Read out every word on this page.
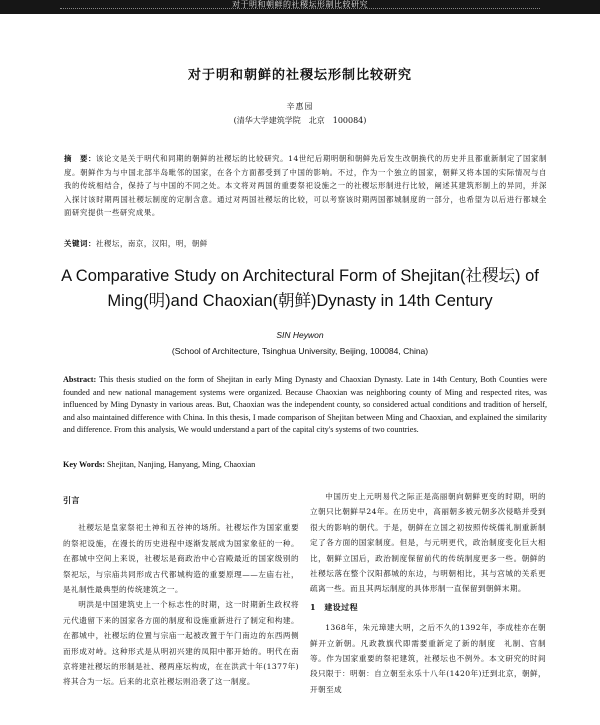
对于明和朝鲜的社稷坛形制比较研究
对于明和朝鲜的社稷坛形制比较研究
辛惠园
(清华大学建筑学院　北京　100084)
摘　要：该论文是关于明代和同期的朝鲜的社稷坛的比较研究。14世纪后期明朝和朝鲜先后发生改朝换代的历史并且都重新制定了国家制度。朝鲜作为与中国北部半岛毗邻的国家，在各个方面都受到了中国的影响。不过，作为一个独立的国家，朝鲜又将本国的实际情况与自我的传统相结合，保持了与中国的不同之处。本文将对两国的重要祭祀设施之一的社稷坛形制进行比较，阐述其建筑形制上的异同，并深入探讨该时期两国社稷坛制度的定制含意。通过对两国社稷坛的比较，可以考察该时期两国都城制度的一部分，也希望为以后进行都城全面研究提供一些研究成果。
关键词：社稷坛，南京，汉阳，明，朝鲜
A Comparative Study on Architectural Form of Shejitan(社稷坛) of Ming(明)and Chaoxian(朝鲜)Dynasty in 14th Century
SIN Heywon
(School of Architecture, Tsinghua University, Beijing, 100084, China)
Abstract: This thesis studied on the form of Shejitan in early Ming Dynasty and Chaoxian Dynasty. Late in 14th Century, Both Counties were founded and new national management systems were organized. Because Chaoxian was neighboring county of Ming and respected rites, was influenced by Ming Dynasty in various areas. But, Chaoxian was the independent county, so considered actual conditions and tradition of herself, and also maintained difference with China. In this thesis, I made comparison of Shejitan between Ming and Chaoxian, and explained the similarity and difference. From this analysis, We would understand a part of the capital city's systems of two countries.
Key Words: Shejitan, Nanjing, Hanyang, Ming, Chaoxian
引言

社稷坛是皇家祭祀土神和五谷神的场所。社稷坛作为国家重要的祭祀设施，在漫长的历史进程中逐渐发展成为国家象征的一种。在都城中空间上来说，社稷坛是商政治中心宫殿最近的国家级别的祭祀坛，与宗庙共同形成古代都城构造的重要原理——左庙右社，是礼制性最典型的传统建筑之一。

明洪是中国建筑史上一个标志性的时期，这一时期新生政权将元代遗留下来的国家各方面的制度和设施重新进行了制定和构建。在都城中，社稷坛的位置与宗庙一起被改置于午门南边的东西两侧而形成对峙。这种形式是从明初兴建的凤阳中都开始的。明代在南京将建社稷坛的形制是社、稷两座坛构成，在在洪武十年(1377年)将其合为一坛。后来的北京社稷坛则沿袭了这一制度。

中国历史上元明易代之际正是高丽朝向朝鲜更变的时期，明的立朝只比朝鲜早24年。在历史中，高丽朝多被元朝多次侵略并受到很大的影响的朝代。于是，朝鲜在立国之初按照传统儒礼制重新制定了各方面的国家制度。但是，与元明更代，政治制度变化巨大相比，朝鲜立国后，政治制度保留前代的传统制度更多一些。朝鲜的社稷坛落在整个汉阳都城的东边，与明朝相比，其与宫城的关系更疏离一些。而且其两坛制度的具体形制一直保留到朝鲜末期。

1　建设过程

1368年，朱元璋建大明，之后不久的1392年，李成桂亦在朝鲜开立新朝。凡政教旗代即需要重新定了新的制度　礼制、官制等。作为国家重要的祭祀建筑，社稷坛也不例外。本文研究的时间段只限于：明朝：自立朝至永乐十八年(1420年)迁到北京，朝鲜，开朝至成
